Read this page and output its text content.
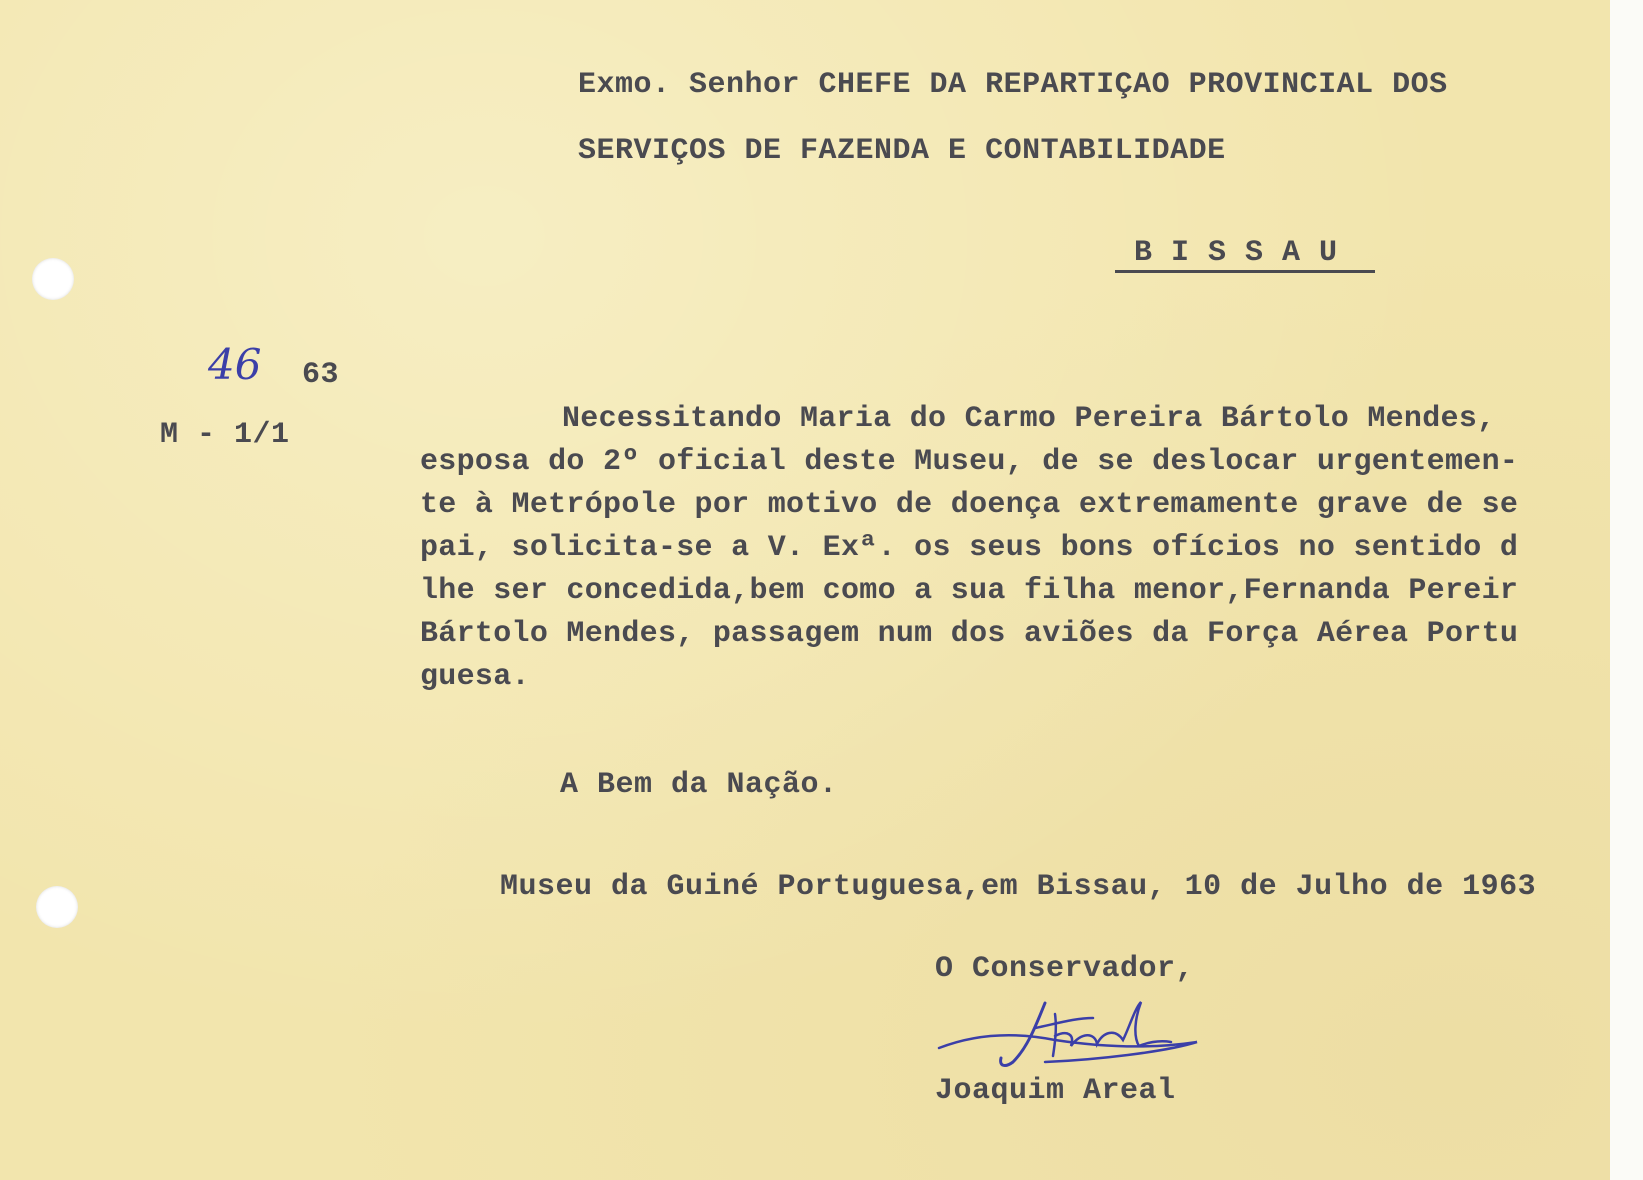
Exmo. Senhor CHEFE DA REPARTIÇAO PROVINCIAL DOS
SERVIÇOS DE FAZENDA E CONTABILIDADE
B I S S A U
46 63
M - 1/1	Necessitando Maria do Carmo Pereira Bártolo Mendes,
esposa do 2º oficial deste Museu, de se deslocar urgentemen-
te à Metrópole por motivo de doença extremamente grave de se
pai, solicita-se a V. Exª. os seus bons ofícios no sentido d
lhe ser concedida,bem como a sua filha menor,Fernanda Pereir
Bártolo Mendes, passagem num dos aviões da Força Aérea Portu
guesa.
A Bem da Nação.
Museu da Guiné Portuguesa,em Bissau, 10 de Julho de 1963
O Conservador,
Joaquim Areal
